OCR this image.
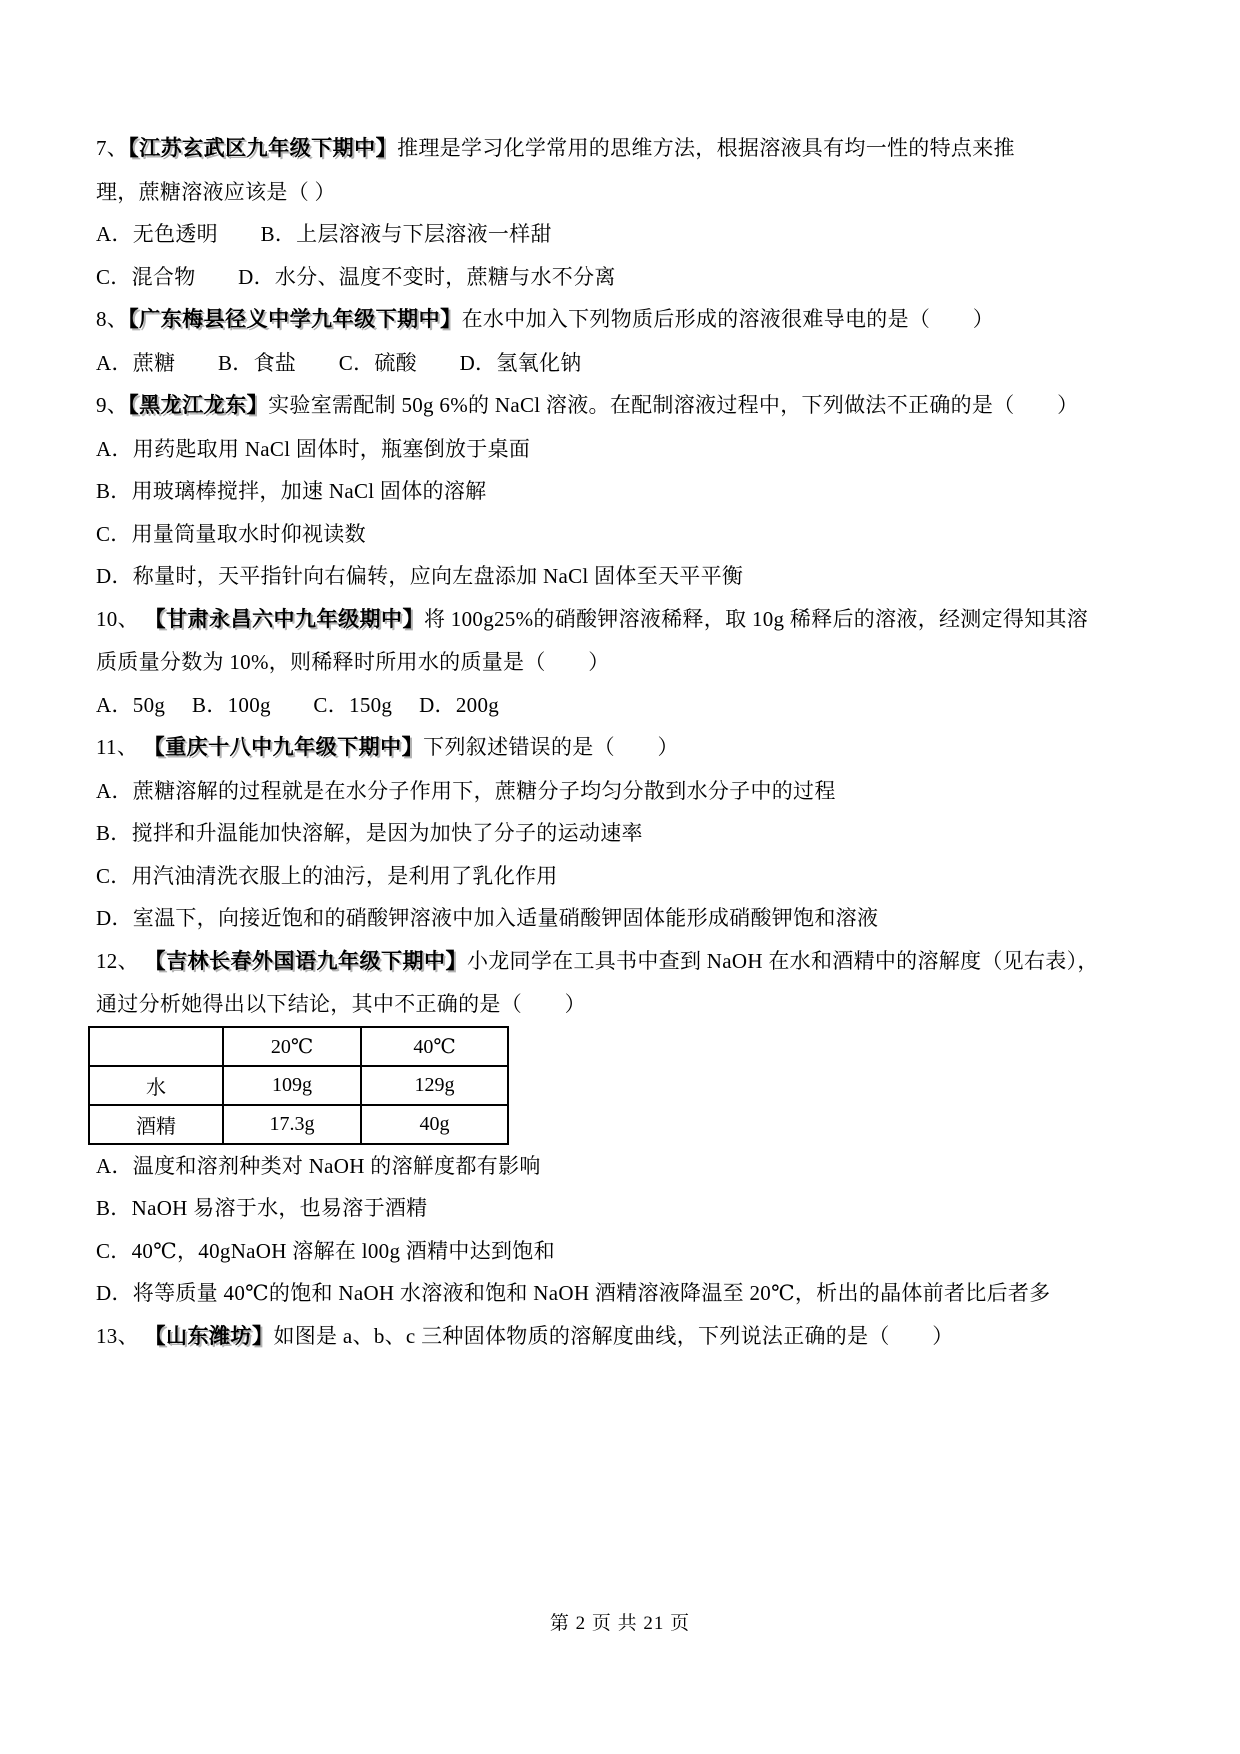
7、【江苏玄武区九年级下期中】推理是学习化学常用的思维方法，根据溶液具有均一性的特点来推

理，蔗糖溶液应该是（ ）

A．无色透明　　B．上层溶液与下层溶液一样甜

C．混合物　　D．水分、温度不变时，蔗糖与水不分离

8、【广东梅县径义中学九年级下期中】在水中加入下列物质后形成的溶液很难导电的是（　　）

A．蔗糖　　B．食盐　　C．硫酸　　D．氢氧化钠

9、【黑龙江龙东】实验室需配制 50g 6%的 NaCl 溶液。在配制溶液过程中，下列做法不正确的是（　　）

A．用药匙取用 NaCl 固体时，瓶塞倒放于桌面

B．用玻璃棒搅拌，加速 NaCl 固体的溶解

C．用量筒量取水时仰视读数

D．称量时，天平指针向右偏转，应向左盘添加 NaCl 固体至天平平衡

10、 【甘肃永昌六中九年级期中】将 100g25%的硝酸钾溶液稀释，取 10g 稀释后的溶液，经测定得知其溶

质质量分数为 10%，则稀释时所用水的质量是（　　）

A．50g　 B．100g　　C．150g　 D．200g

11、 【重庆十八中九年级下期中】下列叙述错误的是（　　）

A．蔗糖溶解的过程就是在水分子作用下，蔗糖分子均匀分散到水分子中的过程

B．搅拌和升温能加快溶解，是因为加快了分子的运动速率

C．用汽油清洗衣服上的油污，是利用了乳化作用

D．室温下，向接近饱和的硝酸钾溶液中加入适量硝酸钾固体能形成硝酸钾饱和溶液

12、 【吉林长春外国语九年级下期中】小龙同学在工具书中查到 NaOH 在水和酒精中的溶解度（见右表），

通过分析她得出以下结论，其中不正确的是（　　）

	20℃	40℃
水	109g	129g
酒精	17.3g	40g

A．温度和溶剂种类对 NaOH 的溶觧度都有影响

B．NaOH 易溶于水，也易溶于酒精

C．40℃，40gNaOH 溶解在 l00g 酒精中达到饱和

D．将等质量 40℃的饱和 NaOH 水溶液和饱和 NaOH 酒精溶液降温至 20℃，析出的晶体前者比后者多

13、 【山东潍坊】如图是 a、b、c 三种固体物质的溶解度曲线，下列说法正确的是（　　）

第 2 页 共 21 页
